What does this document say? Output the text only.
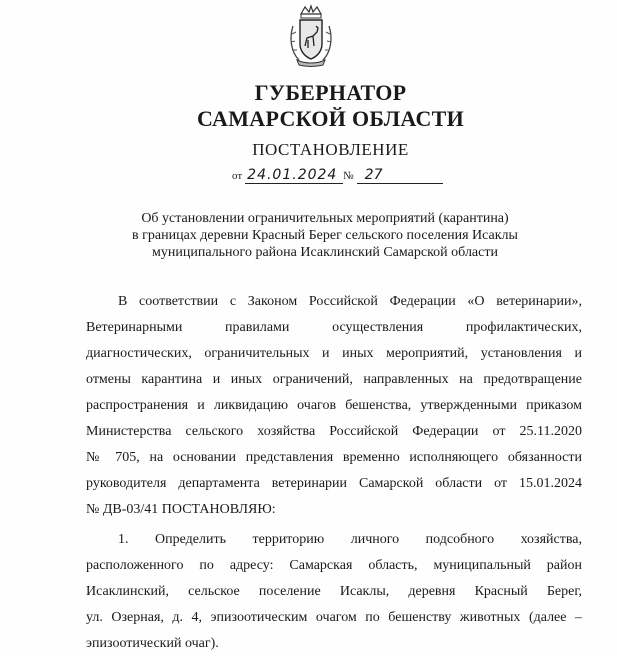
ГУБЕРНАТОР
САМАРСКОЙ ОБЛАСТИ
ПОСТАНОВЛЕНИЕ
от 24.01.2024 № 27
Об установлении ограничительных мероприятий (карантина)
в границах деревни Красный Берег сельского поселения Исаклы
муниципального района Исаклинский Самарской области
В соответствии с Законом Российской Федерации «О ветеринарии»,
Ветеринарными правилами осуществления профилактических,
диагностических, ограничительных и иных мероприятий, установления и
отмены карантина и иных ограничений, направленных на предотвращение
распространения и ликвидацию очагов бешенства, утвержденными приказом
Министерства сельского хозяйства Российской Федерации от 25.11.2020
№ 705, на основании представления временно исполняющего обязанности
руководителя департамента ветеринарии Самарской области от 15.01.2024
№ ДВ-03/41 ПОСТАНОВЛЯЮ:
1. Определить территорию личного подсобного хозяйства,
расположенного по адресу: Самарская область, муниципальный район
Исаклинский, сельское поселение Исаклы, деревня Красный Берег,
ул. Озерная, д. 4, эпизоотическим очагом по бешенству животных (далее –
эпизоотический очаг).
